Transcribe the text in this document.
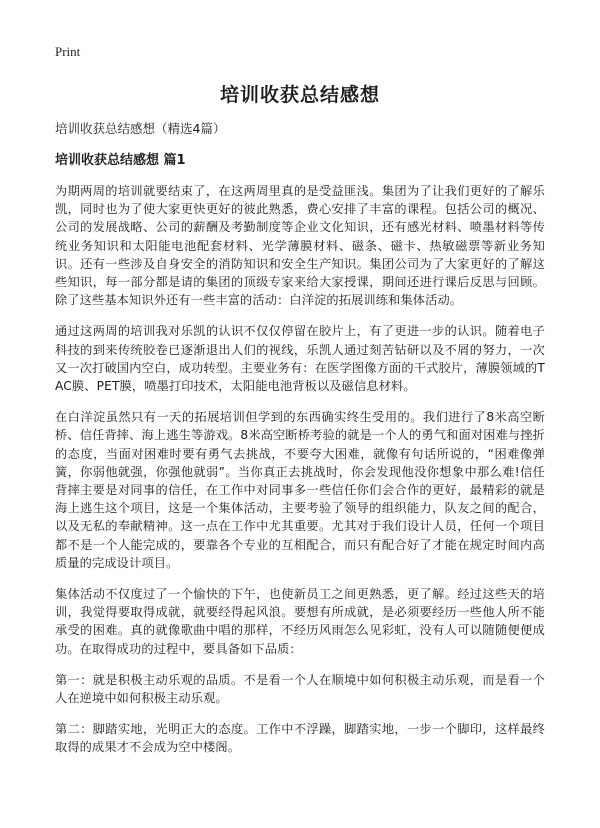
Print
培训收获总结感想

培训收获总结感想（精选4篇）

培训收获总结感想 篇1

为期两周的培训就要结束了，在这两周里真的是受益匪浅。集团为了让我们更好的了解乐凯，同时也为了使大家更快更好的彼此熟悉，费心安排了丰富的课程。包括公司的概况、公司的发展战略、公司的薪酬及考勤制度等企业文化知识，还有感光材料、喷墨材料等传统业务知识和太阳能电池配套材料、光学薄膜材料、磁条、磁卡、热敏磁票等新业务知识。还有一些涉及自身安全的消防知识和安全生产知识。集团公司为了大家更好的了解这些知识，每一部分都是请的集团的顶级专家来给大家授课，期间还进行课后反思与回顾。除了这些基本知识外还有一些丰富的活动：白洋淀的拓展训练和集体活动。

通过这两周的培训我对乐凯的认识不仅仅停留在胶片上，有了更进一步的认识。随着电子科技的到来传统胶卷已逐渐退出人们的视线，乐凯人通过刻苦钻研以及不屑的努力，一次又一次打破国内空白，成功转型。主要业务有：在医学图像方面的干式胶片，薄膜领域的TAC膜、PET膜，喷墨打印技术，太阳能电池背板以及磁信息材料。

在白洋淀虽然只有一天的拓展培训但学到的东西确实终生受用的。我们进行了8米高空断桥、信任背摔、海上逃生等游戏。8米高空断桥考验的就是一个人的勇气和面对困难与挫折的态度，当面对困难时要有勇气去挑战，不要夸大困难，就像有句话所说的，“困难像弹簧，你弱他就强，你强他就弱”。当你真正去挑战时，你会发现他没你想象中那么难!信任背摔主要是对同事的信任，在工作中对同事多一些信任你们会合作的更好，最精彩的就是海上逃生这个项目，这是一个集体活动，主要考验了领导的组织能力，队友之间的配合，以及无私的奉献精神。这一点在工作中尤其重要。尤其对于我们设计人员，任何一个项目都不是一个人能完成的，要靠各个专业的互相配合，而只有配合好了才能在规定时间内高质量的完成设计项目。

集体活动不仅度过了一个愉快的下午，也使新员工之间更熟悉，更了解。经过这些天的培训，我觉得要取得成就，就要经得起风浪。要想有所成就，是必须要经历一些他人所不能承受的困难。真的就像歌曲中唱的那样，不经历风雨怎么见彩虹，没有人可以随随便便成功。在取得成功的过程中，要具备如下品质：

第一：就是积极主动乐观的品质。不是看一个人在顺境中如何积极主动乐观，而是看一个人在逆境中如何积极主动乐观。

第二：脚踏实地，光明正大的态度。工作中不浮躁，脚踏实地，一步一个脚印，这样最终取得的成果才不会成为空中楼阁。
